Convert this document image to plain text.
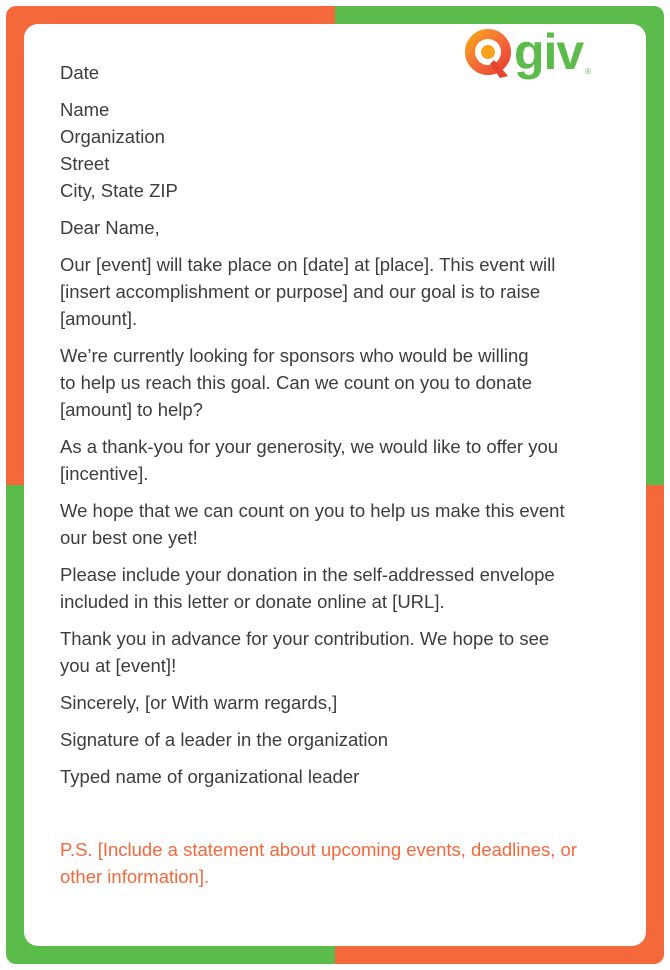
giv ®

Date

Name
Organization
Street
City, State ZIP

Dear Name,

Our [event] will take place on [date] at [place]. This event will
[insert accomplishment or purpose] and our goal is to raise
[amount].

We’re currently looking for sponsors who would be willing
to help us reach this goal. Can we count on you to donate
[amount] to help?

As a thank-you for your generosity, we would like to offer you
[incentive].

We hope that we can count on you to help us make this event
our best one yet!

Please include your donation in the self-addressed envelope
included in this letter or donate online at [URL].

Thank you in advance for your contribution. We hope to see
you at [event]!

Sincerely, [or With warm regards,]

Signature of a leader in the organization

Typed name of organizational leader

P.S. [Include a statement about upcoming events, deadlines, or
other information].
